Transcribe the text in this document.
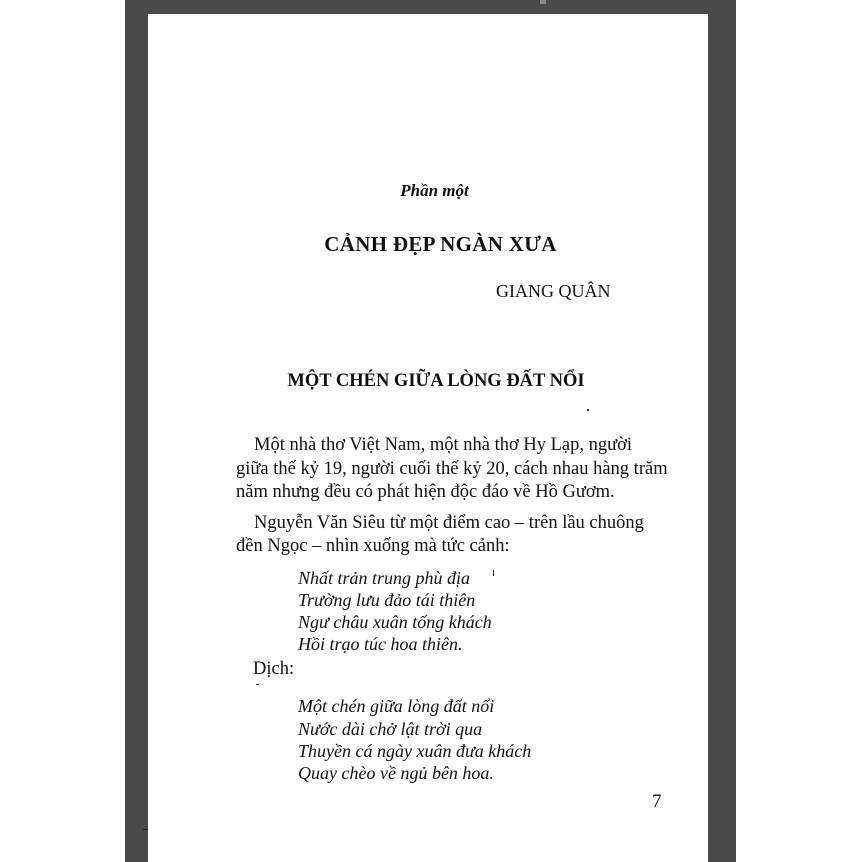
Phần một
CẢNH ĐẸP NGÀN XƯA
GIANG QUÂN
MỘT CHÉN GIỮA LÒNG ĐẤT NỔI
Một nhà thơ Việt Nam, một nhà thơ Hy Lạp, người
giữa thế kỷ 19, người cuối thế kỷ 20, cách nhau hàng trăm
năm nhưng đều có phát hiện độc đáo về Hồ Gươm.
Nguyễn Văn Siêu từ một điểm cao – trên lầu chuông
đền Ngọc – nhìn xuống mà tức cảnh:
Nhất trản trung phù địa
Trường lưu đảo tái thiên
Ngư châu xuân tống khách
Hồi trạo túc hoa thiên.
Dịch:
Một chén giữa lòng đất nổi
Nước dài chở lật trời qua
Thuyền cá ngày xuân đưa khách
Quay chèo về ngủ bên hoa.
7
